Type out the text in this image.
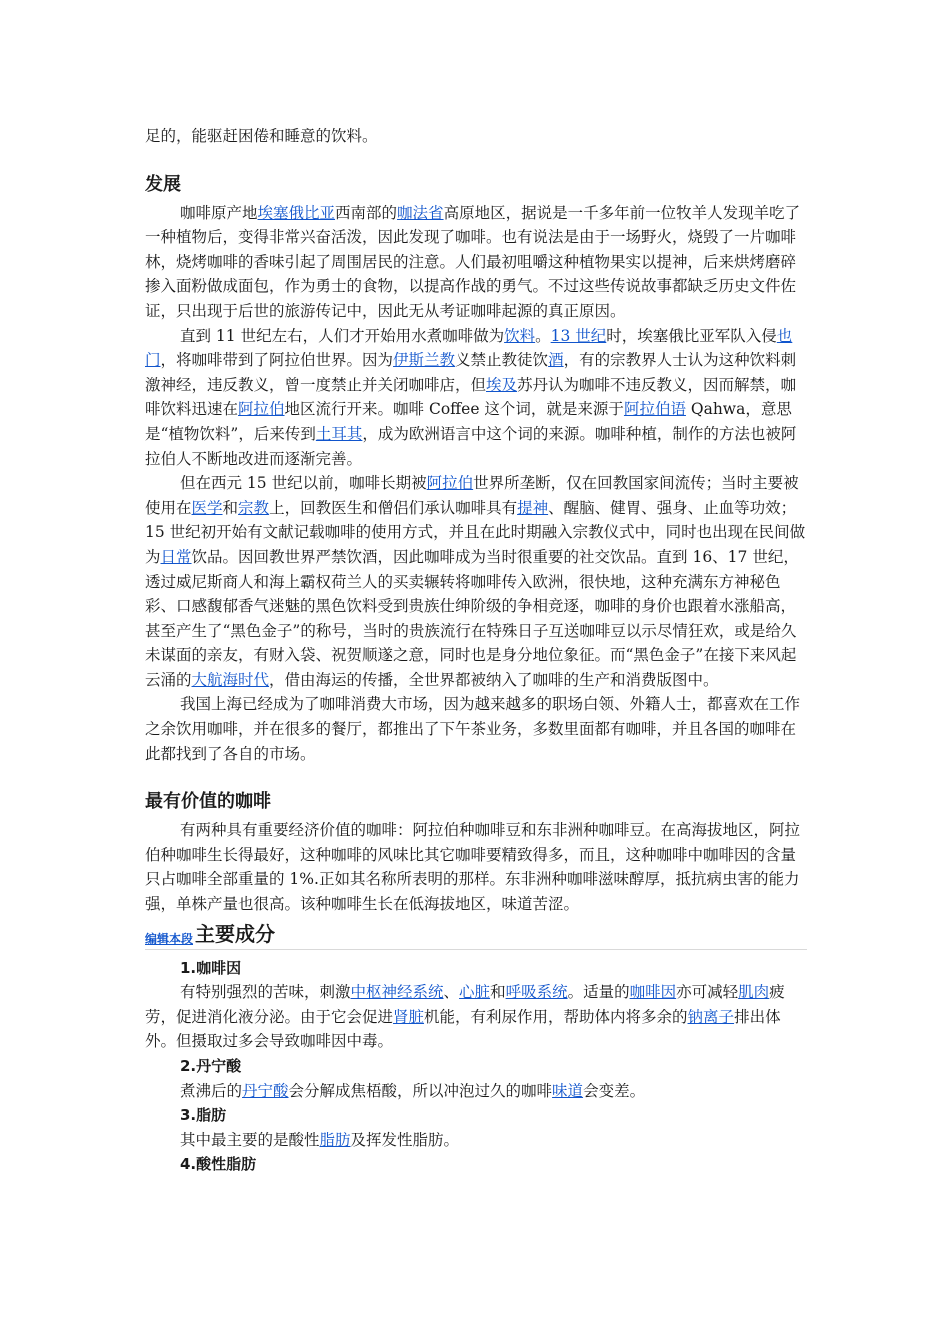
足的，能驱赶困倦和睡意的饮料。

发展

咖啡原产地埃塞俄比亚西南部的咖法省高原地区，据说是一千多年前一位牧羊人发现羊吃了一种植物后，变得非常兴奋活泼，因此发现了咖啡。也有说法是由于一场野火，烧毁了一片咖啡林，烧烤咖啡的香味引起了周围居民的注意。人们最初咀嚼这种植物果实以提神，后来烘烤磨碎掺入面粉做成面包，作为勇士的食物，以提高作战的勇气。不过这些传说故事都缺乏历史文件佐证，只出现于后世的旅游传记中，因此无从考证咖啡起源的真正原因。

直到 11 世纪左右，人们才开始用水煮咖啡做为饮料。13 世纪时，埃塞俄比亚军队入侵也门，将咖啡带到了阿拉伯世界。因为伊斯兰教义禁止教徒饮酒，有的宗教界人士认为这种饮料刺激神经，违反教义，曾一度禁止并关闭咖啡店，但埃及苏丹认为咖啡不违反教义，因而解禁，咖啡饮料迅速在阿拉伯地区流行开来。咖啡 Coffee 这个词，就是来源于阿拉伯语 Qahwa，意思是“植物饮料”，后来传到土耳其，成为欧洲语言中这个词的来源。咖啡种植，制作的方法也被阿拉伯人不断地改进而逐渐完善。

但在西元 15 世纪以前，咖啡长期被阿拉伯世界所垄断，仅在回教国家间流传；当时主要被使用在医学和宗教上，回教医生和僧侣们承认咖啡具有提神、醒脑、健胃、强身、止血等功效；15 世纪初开始有文献记载咖啡的使用方式，并且在此时期融入宗教仪式中，同时也出现在民间做为日常饮品。因回教世界严禁饮酒，因此咖啡成为当时很重要的社交饮品。直到 16、17 世纪，透过威尼斯商人和海上霸权荷兰人的买卖辗转将咖啡传入欧洲，很快地，这种充满东方神秘色彩、口感馥郁香气迷魅的黑色饮料受到贵族仕绅阶级的争相竞逐，咖啡的身价也跟着水涨船高，甚至产生了“黑色金子”的称号，当时的贵族流行在特殊日子互送咖啡豆以示尽情狂欢，或是给久未谋面的亲友，有财入袋、祝贺顺遂之意，同时也是身分地位象征。而“黑色金子”在接下来风起云涌的大航海时代，借由海运的传播，全世界都被纳入了咖啡的生产和消费版图中。

我国上海已经成为了咖啡消费大市场，因为越来越多的职场白领、外籍人士，都喜欢在工作之余饮用咖啡，并在很多的餐厅，都推出了下午茶业务，多数里面都有咖啡，并且各国的咖啡在此都找到了各自的市场。

最有价值的咖啡

有两种具有重要经济价值的咖啡：阿拉伯种咖啡豆和东非洲种咖啡豆。在高海拔地区，阿拉伯种咖啡生长得最好，这种咖啡的风味比其它咖啡要精致得多，而且，这种咖啡中咖啡因的含量只占咖啡全部重量的 1%.正如其名称所表明的那样。东非洲种咖啡滋味醇厚，抵抗病虫害的能力强，单株产量也很高。该种咖啡生长在低海拔地区，味道苦涩。

编辑本段 主要成分

1.咖啡因

有特别强烈的苦味，刺激中枢神经系统、心脏和呼吸系统。适量的咖啡因亦可减轻肌肉疲劳，促进消化液分泌。由于它会促进肾脏机能，有利尿作用，帮助体内将多余的钠离子排出体外。但摄取过多会导致咖啡因中毒。

2.丹宁酸

煮沸后的丹宁酸会分解成焦梧酸，所以冲泡过久的咖啡味道会变差。

3.脂肪

其中最主要的是酸性脂肪及挥发性脂肪。

4.酸性脂肪
